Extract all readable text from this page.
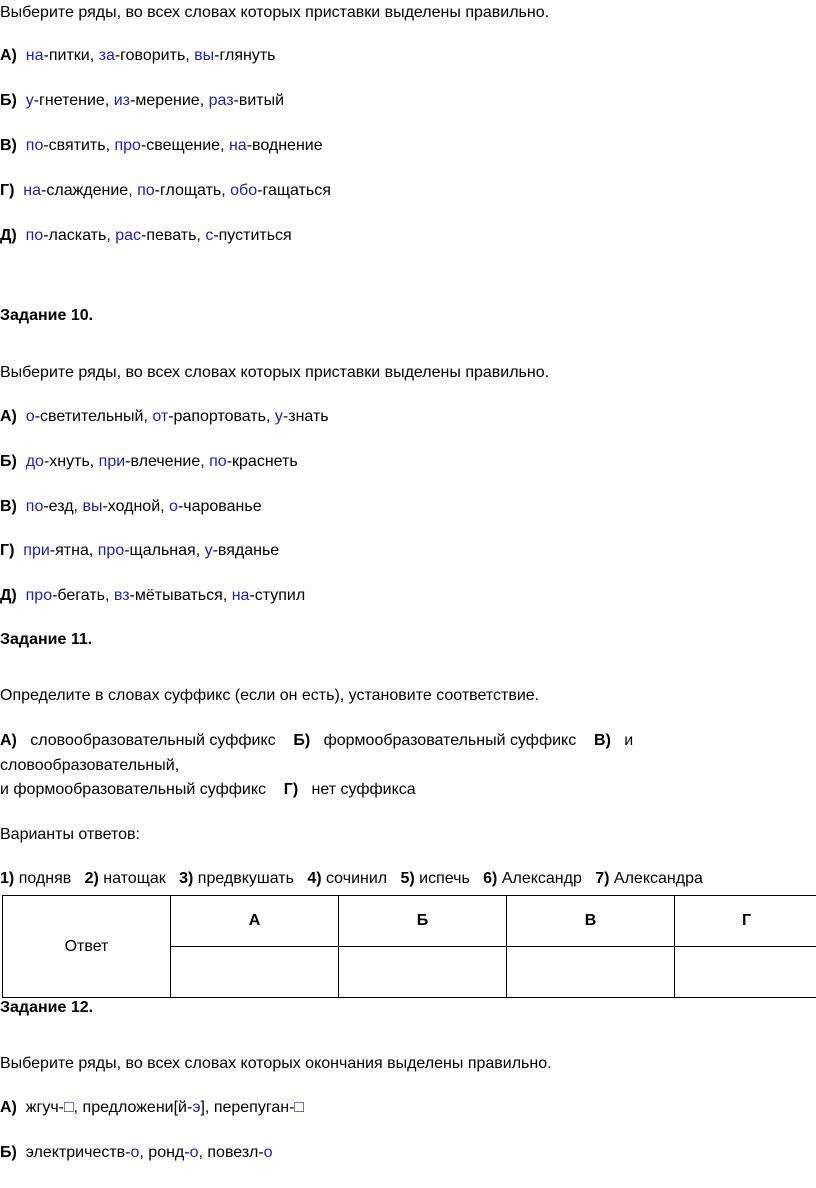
Выберите ряды, во всех словах которых приставки выделены правильно.
А) на-питки, за-говорить, вы-глянуть
Б) у-гнетение, из-мерение, раз-витый
В) по-святить, про-свещение, на-воднение
Г) на-слаждение, по-глощать, обо-гащаться
Д) по-ласкать, рас-певать, с-пуститься
Задание 10.
Выберите ряды, во всех словах которых приставки выделены правильно.
А) о-светительный, от-рапортовать, у-знать
Б) до-хнуть, при-влечение, по-краснеть
В) по-езд, вы-ходной, о-чарованье
Г) при-ятна, про-щальная, у-вяданье
Д) про-бегать, вз-мётываться, на-ступил
Задание 11.
Определите в словах суффикс (если он есть), установите соответствие.
А) словообразовательный суффикс Б) формообразовательный суффикс В) и
словообразовательный,
и формообразовательный суффикс Г) нет суффикса
Варианты ответов:
1) подняв 2) натощак 3) предвкушать 4) сочинил 5) испечь 6) Александр 7) Александра
Ответ	А	Б	В	Г

Задание 12.
Выберите ряды, во всех словах которых окончания выделены правильно.
А) жгуч-□, предложени[й-э], перепуган-□
Б) электричеств-о, ронд-о, повезл-о
